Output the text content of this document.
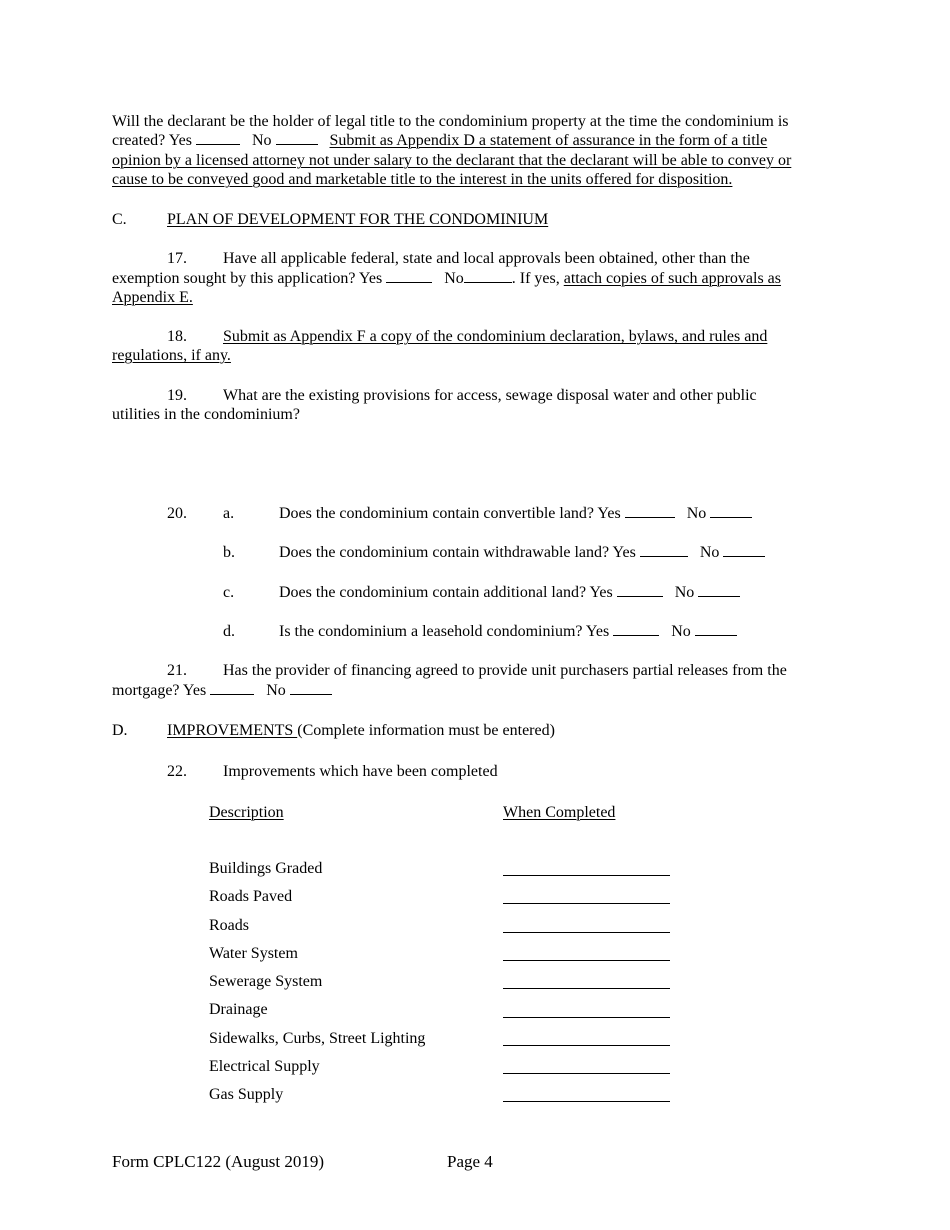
Will the declarant be the holder of legal title to the condominium property at the time the condominium is
created? Yes	No	Submit as Appendix D a statement of assurance in the form of a title
opinion by a licensed attorney not under salary to the declarant that the declarant will be able to convey or
cause to be conveyed good and marketable title to the interest in the units offered for disposition.
C.	PLAN OF DEVELOPMENT FOR THE CONDOMINIUM
17. Have all applicable federal, state and local approvals been obtained, other than the
exemption sought by this application? Yes	No	. If yes, attach copies of such approvals as
Appendix E.
18. Submit as Appendix F a copy of the condominium declaration, bylaws, and rules and
regulations, if any.
19. What are the existing provisions for access, sewage disposal water and other public
utilities in the condominium?
20. a.	Does the condominium contain convertible land? Yes	No
b.	Does the condominium contain withdrawable land? Yes	No
c.	Does the condominium contain additional land? Yes	No
d.	Is the condominium a leasehold condominium? Yes	No
21. Has the provider of financing agreed to provide unit purchasers partial releases from the
mortgage? Yes	No
D. IMPROVEMENTS (Complete information must be entered)
22. Improvements which have been completed
Description	When Completed
Buildings Graded
Roads Paved
Roads
Water System
Sewerage System
Drainage
Sidewalks, Curbs, Street Lighting
Electrical Supply
Gas Supply
Form CPLC122 (August 2019)	Page 4
